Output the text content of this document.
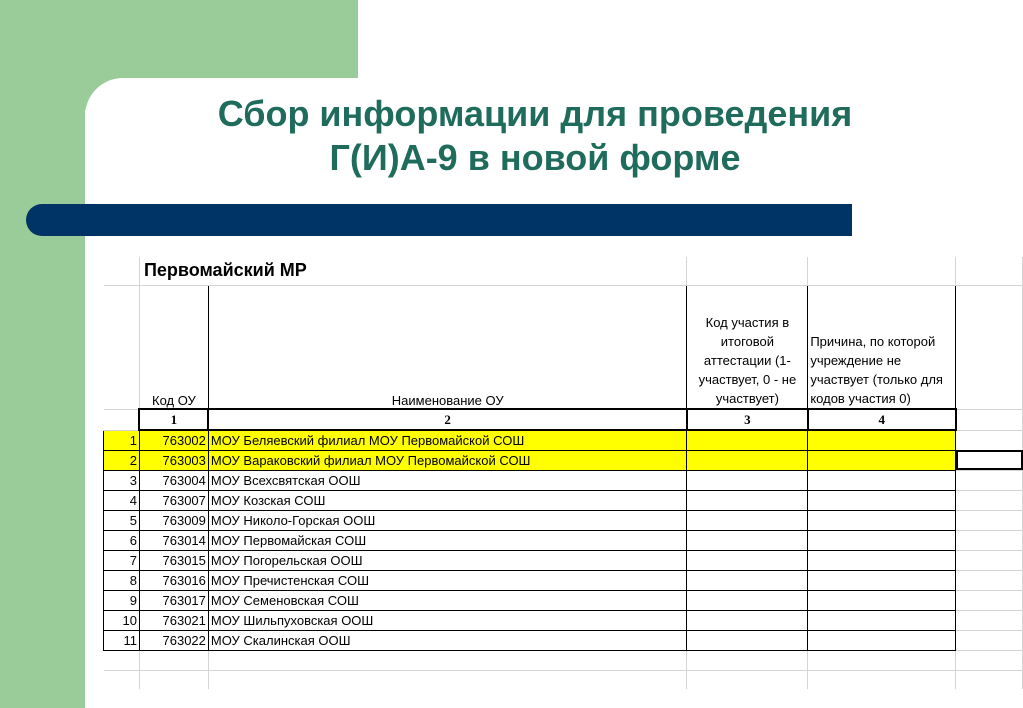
Сбор информации для проведения
Г(И)А-9 в новой форме
	Первомайский МР				
	Код ОУ	Наименование ОУ	Код участия в итоговой аттестации (1- участвует, 0 - не участвует)	Причина, по которой учреждение не участвует (только для кодов участия 0)	
	1	2	3	4	
1	763002	МОУ Беляевский филиал МОУ Первомайской СОШ			
2	763003	МОУ Вараковский филиал МОУ Первомайской СОШ			
3	763004	МОУ Всехсвятская ООШ			
4	763007	МОУ Козская СОШ			
5	763009	МОУ Николо-Горская ООШ			
6	763014	МОУ Первомайская СОШ			
7	763015	МОУ Погорельская ООШ			
8	763016	МОУ Пречистенская СОШ			
9	763017	МОУ Семеновская СОШ			
10	763021	МОУ Шильпуховская ООШ			
11	763022	МОУ Скалинская ООШ			
